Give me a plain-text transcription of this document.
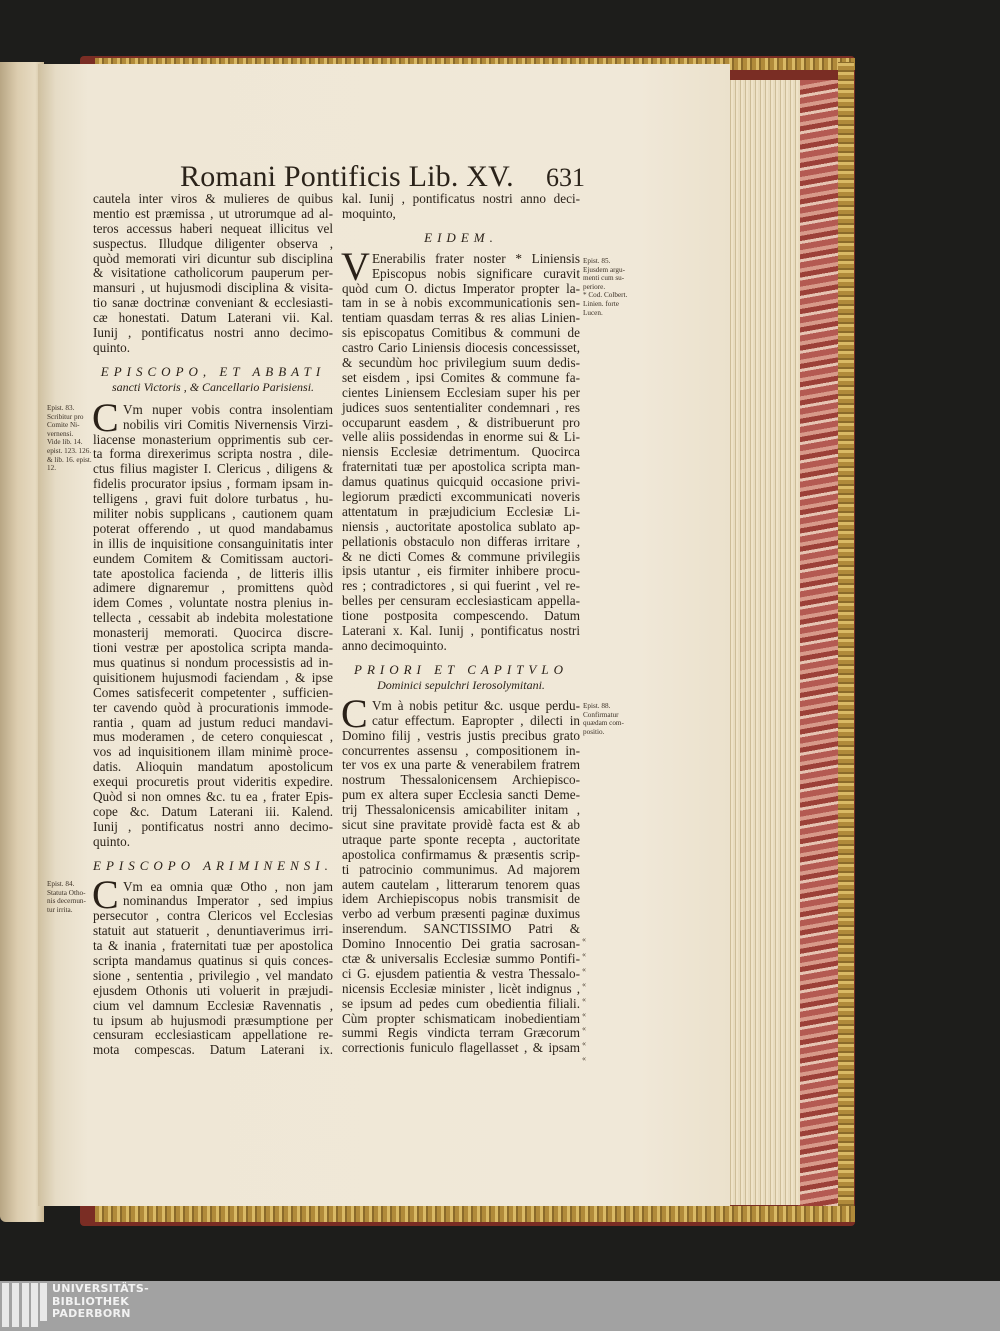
Romani Pontificis Lib. XV. 631
cautela inter viros & mulieres de quibus
mentio est præmissa , ut utrorumque ad al-
teros accessus haberi nequeat illicitus vel
suspectus. Illudque diligenter observa ,
quòd memorati viri dicuntur sub disciplina
& visitatione catholicorum pauperum per-
mansuri , ut hujusmodi disciplina & visita-
tio sanæ doctrinæ conveniant & ecclesiasti-
cæ honestati. Datum Laterani vii. Kal.
Iunij , pontificatus nostri anno decimo-
quinto.
EPISCOPO, ET ABBATI
sancti Victoris , & Cancellario Parisiensi.
C Vm nuper vobis contra insolentiam
nobilis viri Comitis Nivernensis Virzi-
liacense monasterium opprimentis sub cer-
ta forma direxerimus scripta nostra , dile-
ctus filius magister I. Clericus , diligens &
fidelis procurator ipsius , formam ipsam in-
telligens , gravi fuit dolore turbatus , hu-
militer nobis supplicans , cautionem quam
poterat offerendo , ut quod mandabamus
in illis de inquisitione consanguinitatis inter
eundem Comitem & Comitissam auctori-
tate apostolica facienda , de litteris illis
adimere dignaremur , promittens quòd
idem Comes , voluntate nostra plenius in-
tellecta , cessabit ab indebita molestatione
monasterij memorati. Quocirca discre-
tioni vestræ per apostolica scripta manda-
mus quatinus si nondum processistis ad in-
quisitionem hujusmodi faciendam , & ipse
Comes satisfecerit competenter , sufficien-
ter cavendo quòd à procurationis immode-
rantia , quam ad justum reduci mandavi-
mus moderamen , de cetero conquiescat ,
vos ad inquisitionem illam minimè proce-
datis. Alioquin mandatum apostolicum
exequi procuretis prout videritis expedire.
Quòd si non omnes &c. tu ea , frater Epis-
cope &c. Datum Laterani iii. Kalend.
Iunij , pontificatus nostri anno decimo-
quinto.
EPISCOPO ARIMINENSI.
C Vm ea omnia quæ Otho , non jam
nominandus Imperator , sed impius
persecutor , contra Clericos vel Ecclesias
statuit aut statuerit , denuntiaverimus irri-
ta & inania , fraternitati tuæ per apostolica
scripta mandamus quatinus si quis conces-
sione , sententia , privilegio , vel mandato
ejusdem Othonis uti voluerit in præjudi-
cium vel damnum Ecclesiæ Ravennatis ,
tu ipsum ab hujusmodi præsumptione per
censuram ecclesiasticam appellatione re-
mota compescas. Datum Laterani ix.
kal. Iunij , pontificatus nostri anno deci-
moquinto,
EIDEM.
V Enerabilis frater noster * Liniensis
Episcopus nobis significare curavit
quòd cum O. dictus Imperator propter la-
tam in se à nobis excommunicationis sen-
tentiam quasdam terras & res alias Linien-
sis episcopatus Comitibus & communi de
castro Cario Liniensis diocesis concessisset,
& secundùm hoc privilegium suum dedis-
set eisdem , ipsi Comites & commune fa-
cientes Liniensem Ecclesiam super his per
judices suos sententialiter condemnari , res
occuparunt easdem , & distribuerunt pro
velle aliis possidendas in enorme sui & Li-
niensis Ecclesiæ detrimentum. Quocirca
fraternitati tuæ per apostolica scripta man-
damus quatinus quicquid occasione privi-
legiorum prædicti excommunicati noveris
attentatum in præjudicium Ecclesiæ Li-
niensis , auctoritate apostolica sublato ap-
pellationis obstaculo non differas irritare ,
& ne dicti Comes & commune privilegiis
ipsis utantur , eis firmiter inhibere procu-
res ; contradictores , si qui fuerint , vel re-
belles per censuram ecclesiasticam appella-
tione postposita compescendo. Datum
Laterani x. Kal. Iunij , pontificatus nostri
anno decimoquinto.
PRIORI ET CAPITVLO
Dominici sepulchri Ierosolymitani.
C Vm à nobis petitur &c. usque perdu-
catur effectum. Eapropter , dilecti in
Domino filij , vestris justis precibus grato
concurrentes assensu , compositionem in-
ter vos ex una parte & venerabilem fratrem
nostrum Thessalonicensem Archiepisco-
pum ex altera super Ecclesia sancti Deme-
trij Thessalonicensis amicabiliter initam ,
sicut sine pravitate providè facta est & ab
utraque parte sponte recepta , auctoritate
apostolica confirmamus & præsentis scrip-
ti patrocinio communimus. Ad majorem
autem cautelam , litterarum tenorem quas
idem Archiepiscopus nobis transmisit de
verbo ad verbum præsenti paginæ duximus
inserendum. SANCTISSIMO Patri &
Domino Innocentio Dei gratia sacrosan-
ctæ & universalis Ecclesiæ summo Pontifi-
ci G. ejusdem patientia & vestra Thessalo-
nicensis Ecclesiæ minister , licèt indignus ,
se ipsum ad pedes cum obedientia filiali.
Cùm propter schismaticam inobedientiam
summi Regis vindicta terram Græcorum
correctionis funiculo flagellasset , & ipsam
«
«
«
«
«
«
«
«
«
Epist. 83.
Scribitur pro
Comite Ni-
vernensi.
Vide lib. 14.
epist. 123. 126.
& lib. 16. epist.
12.
Epist. 84.
Statuta Otho-
nis decernun-
tur irrita.
Epist. 85.
Ejusdem argu-
menti cum su-
periore.
* Cod. Colbert.
Linien. forte
Lucen.
Epist. 88.
Confirmatur
quædam com-
positio.
UNIVERSITÄTS-
BIBLIOTHEK
PADERBORN
